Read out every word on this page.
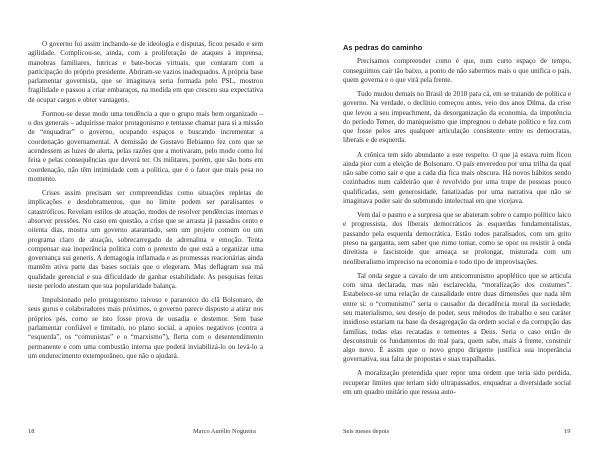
O governo foi assim inchando-se de ideologia e disputas, ficou pesado e sem agilidade. Complicou-se, ainda, com a proliferação de ataques à imprensa, manobras familiares, futricas e bate-bocas virtuais, que contaram com a participação do próprio presidente. Abriram-se vazios inadequados. A própria base parlamentar governista, que se imaginava seria formada pelo PSL, mostrou fragilidade e passou a criar embaraços, na medida em que cresceu sua expectativa de ocupar cargos e obter vantagens.

Formou-se desse modo uma tendência a que o grupo mais bem organizado – o dos generais – adquirisse maior protagonismo e tentasse chamar para si a missão de “enquadrar” o governo, ocupando espaços e buscando incrementar a coordenação governamental. A demissão de Gustavo Bebianno fez com que se acendessem as luzes de alerta, pelas razões que a motivaram, pelo modo como foi feita e pelas consequências que deverá ter. Os militares, porém, que são bons em coordenação, não têm intimidade com a política, que é o fator que mais pesa no momento.

Crises assim precisam ser compreendidas como situações repletas de implicações e desdobramentos, que no limite podem ser paralisantes e catastróficos. Revelam estilos de atuação, modos de resolver pendências internas e absorver pressões. No caso em questão, a crise que se arrasta já passados cento e oitenta dias, mostra um governo atarantado, sem um projeto comum ou um programa claro de atuação, sobrecarregado de adrenalina e emoção. Tenta compensar sua inoperância política com o pretexto de que está a organizar uma governança sui generis. A demagogia inflamada e as promessas reacionárias ainda mantêm ativa parte das bases sociais que o elegeram. Mas deflagram sua má qualidade gerencial e sua dificuldade de ganhar estabilidade. As pesquisas feitas neste período atestam que sua popularidade balança.

Impulsionado pelo protagonismo raivoso e paranoico do clã Bolsonaro, de seus gurus e colaboradores mais próximos, o governo parece disposto a atirar nos próprios pés, como se isto fosse prova de ousadia e destemor. Sem base parlamentar confiável e limitado, no plano social, a apoios negativos (contra a “esquerda”, os “comunistas” e o “marxismo”), flerta com o desentendimento permanente e com uma combustão interna que poderá inviabilizá-lo ou levá-lo a um endurecimento extemporâneo, que não o ajudará.

18	Marco Aurélio Nogueira
As pedras do caminho

Precisamos compreender como é que, num curto espaço de tempo, conseguimos cair tão baixo, a ponto de não sabermos mais o que unifica o país, quem governa e o que virá pela frente.

Tudo mudou demais no Brasil de 2018 para cá, em se tratando de política e governo. Na verdade, o declínio começou antes, veio dos anos Dilma, da crise que levou a seu impeachment, da desorganização da economia, da impotência do período Temer, do maniqueísmo que impregnou o debate político e fez com que fosse pelos ares qualquer articulação consistente entre os democratas, liberais e de esquerda.

A crônica tem sido abundante a este respeito. O que já estava ruim ficou ainda pior com a eleição de Bolsonaro. O país enveredou por uma trilha da qual não sabe como sair e que a cada dia fica mais obscura. Há novos hábitos sendo cozinhados num caldeirão que é revolvido por uma trupe de pessoas pouco qualificadas, sem generosidade, fanatizadas por uma narrativa que não se imaginava poder sair do submundo intelectual em que vicejava.

Vem daí o pasmo e a surpresa que se abateram sobre o campo político laico e progressista, dos liberais democráticos às esquerdas fundamentalistas, passando pela esquerda democrática. Estão todos paralisados, com um grito preso na garganta, sem saber que rumo tomar, como se opor ou resistir à onda direitista e fascistoide que ameaça se prolongar, misturada com um neoliberalismo impreciso na economia e todo tipo de improvisações.

Tal onda segue a cavalo de um anticomunismo apoplético que se articula com uma declarada, mas não esclarecida, “moralização dos costumes”. Estabelece-se uma relação de causalidade entre duas dimensões que nada têm entre si: o “comunismo” seria o causador da decadência moral da sociedade; seu materialismo, seu desejo de poder, seus métodos de trabalho e seu caráter insidioso estariam na base da desagregação da ordem social e da corrupção das famílias, todas elas recatadas e tementes a Deus. Seria o caso então de desconstruir os fundamentos do mal para, quem sabe, mais à frente, construir algo novo. É assim que o novo grupo dirigente justifica sua inoperância governativa, sua falta de propostas e suas trapalhadas.

A moralização pretendida quer repor uma ordem que teria sido perdida, recuperar limites que teriam sido ultrapassados, enquadrar a diversidade social em um quadro unitário que ressoa auto-

Seis meses depois	19
